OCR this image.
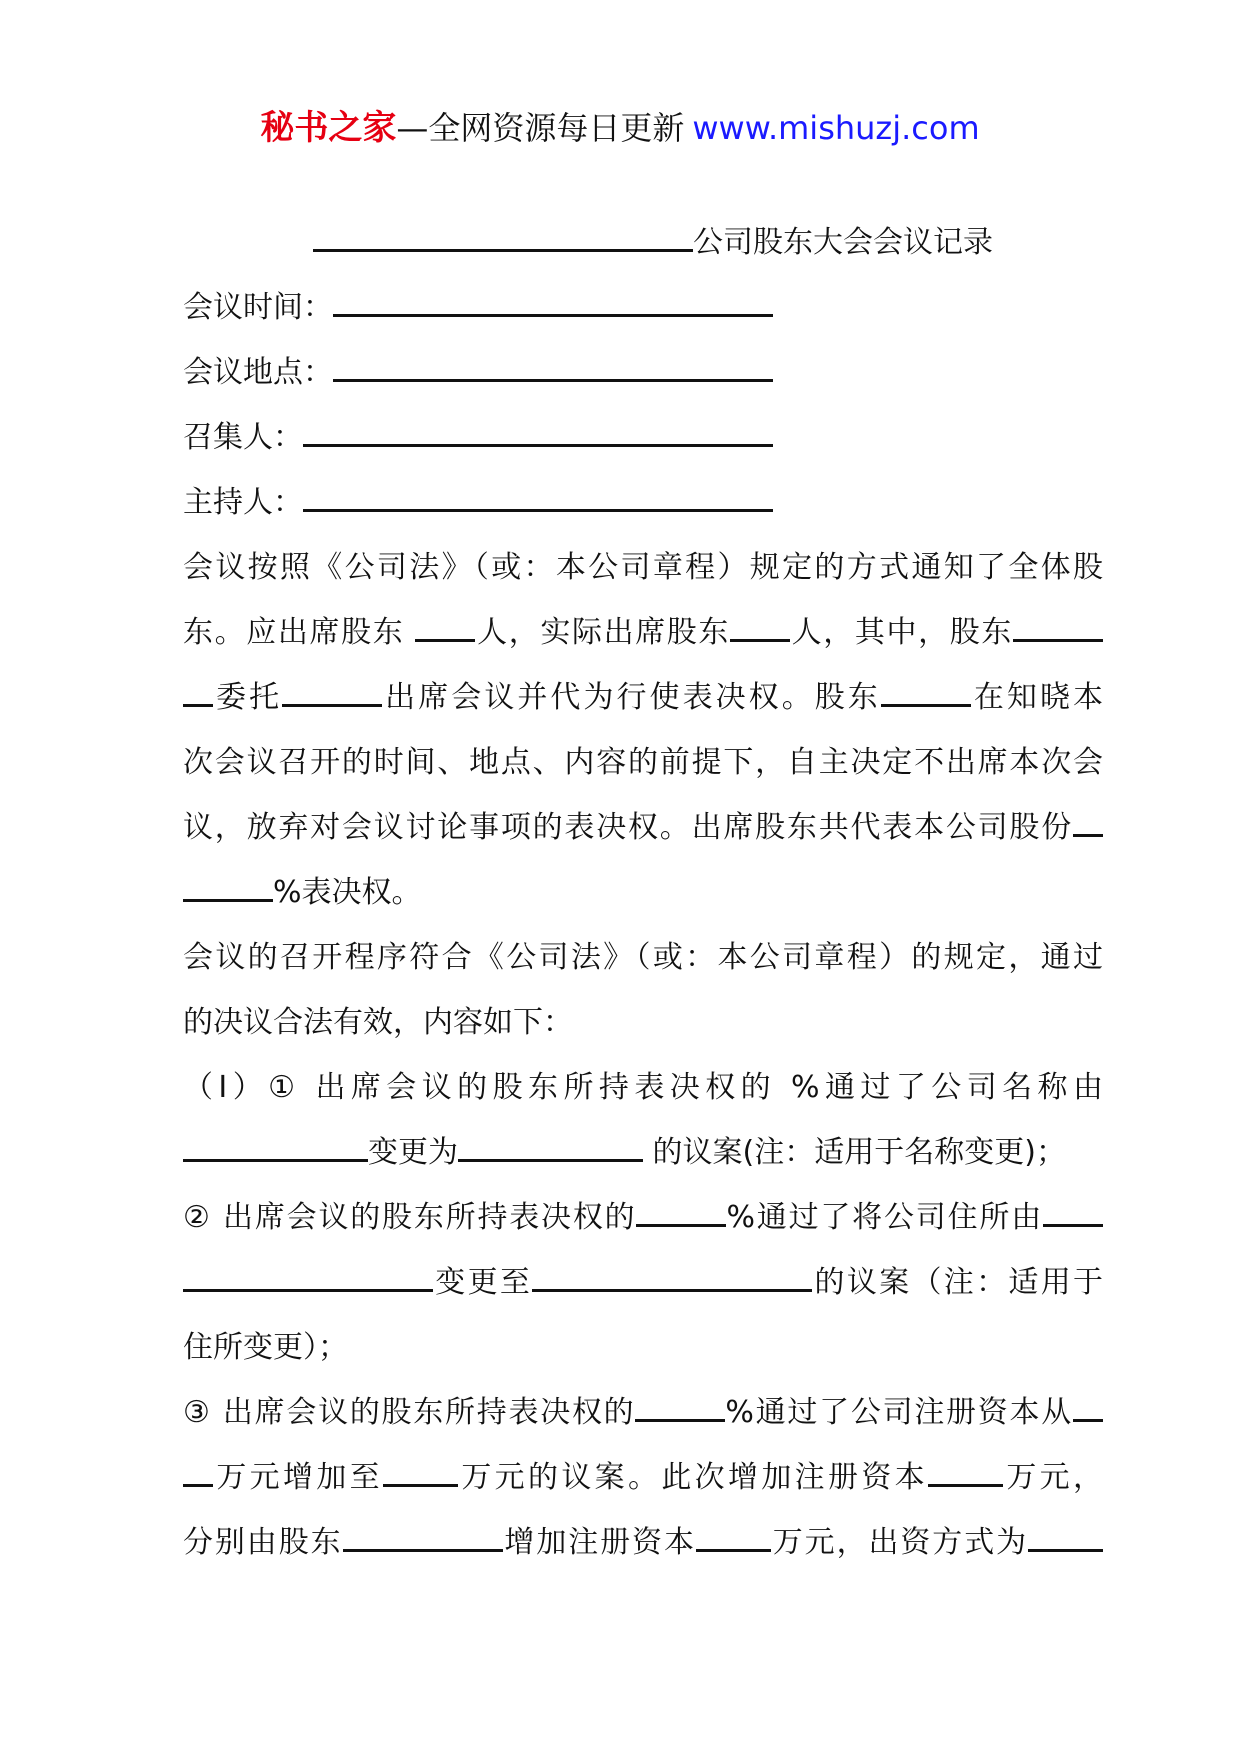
秘书之家—全网资源每日更新 www.mishuzj.com
公司股东大会会议记录
会议时间：
会议地点：
召集人：
主持人：
会议按照《公司法》（或：本公司章程）规定的方式通知了全体股
东。应出席股东 人，实际出席股东 人，其中，股东
委托	出席会议并代为行使表决权。股东	在知晓本
次会议召开的时间、地点、内容的前提下，自主决定不出席本次会
议，放弃对会议讨论事项的表决权。出席股东共代表本公司股份
%表决权。
会议的召开程序符合《公司法》（或：本公司章程）的规定，通过
的决议合法有效，内容如下：
（Ⅰ）① 出席会议的股东所持表决权的 %通过了公司名称由
变更为	的议案(注：适用于名称变更)；
② 出席会议的股东所持表决权的	%通过了将公司住所由
变更至	的议案（注：适用于
住所变更）；
③ 出席会议的股东所持表决权的	%通过了公司注册资本从
万元增加至	万元的议案。此次增加注册资本	万元，
分别由股东	增加注册资本	万元，出资方式为
